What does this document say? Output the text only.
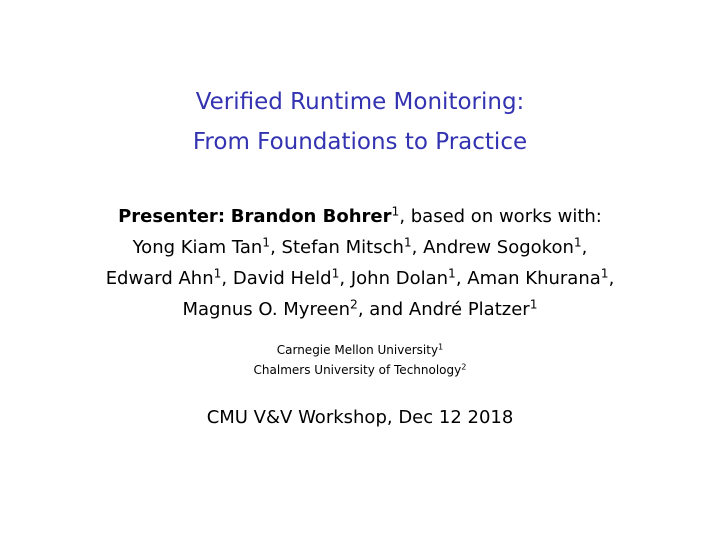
Verified Runtime Monitoring:
From Foundations to Practice
Presenter: Brandon Bohrer$^1$, based on works with:
Yong Kiam Tan$^1$, Stefan Mitsch$^1$, Andrew Sogokon$^1$,
Edward Ahn$^1$, David Held$^1$, John Dolan$^1$, Aman Khurana$^1$,
Magnus O. Myreen$^2$, and André Platzer$^1$
Carnegie Mellon University$^1$
Chalmers University of Technology$^2$
CMU V&V Workshop, Dec 12 2018
